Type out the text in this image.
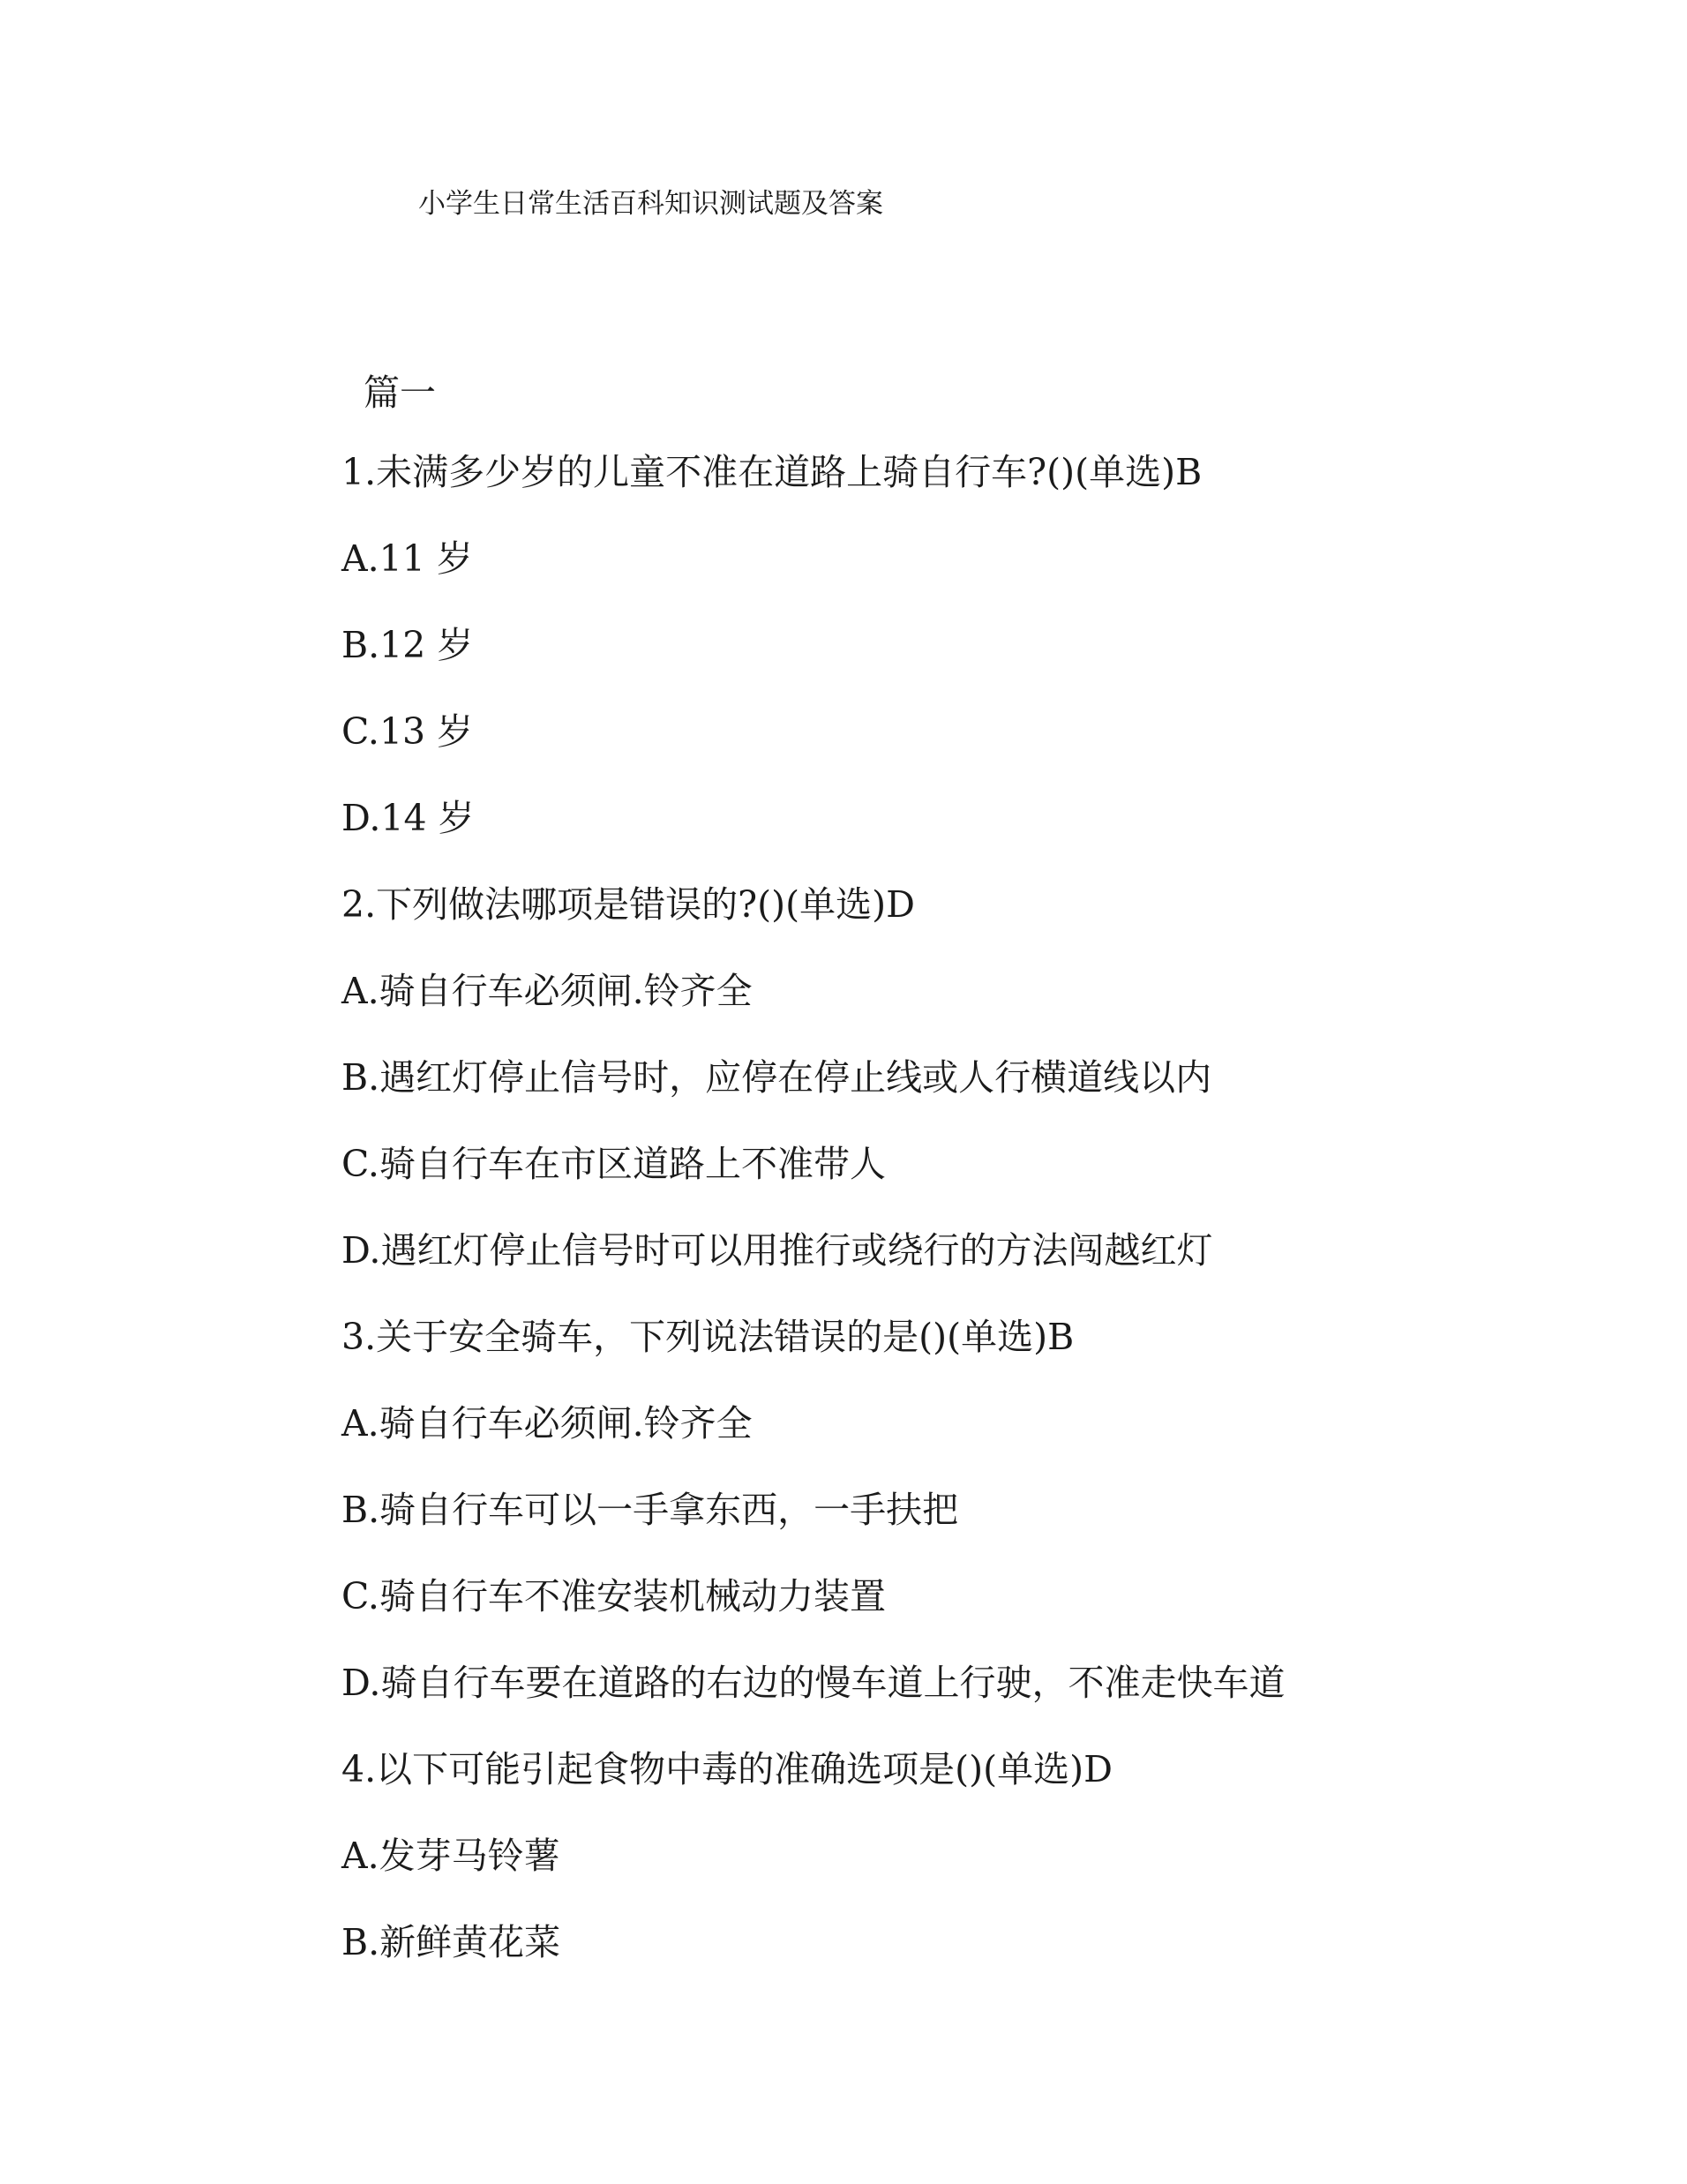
小学生日常生活百科知识测试题及答案
篇一
1.未满多少岁的儿童不准在道路上骑自行车?()(单选)B
A.11 岁
B.12 岁
C.13 岁
D.14 岁
2.下列做法哪项是错误的?()(单选)D
A.骑自行车必须闸.铃齐全
B.遇红灯停止信号时，应停在停止线或人行横道线以内
C.骑自行车在市区道路上不准带人
D.遇红灯停止信号时可以用推行或绕行的方法闯越红灯
3.关于安全骑车，下列说法错误的是()(单选)B
A.骑自行车必须闸.铃齐全
B.骑自行车可以一手拿东西，一手扶把
C.骑自行车不准安装机械动力装置
D.骑自行车要在道路的右边的慢车道上行驶，不准走快车道
4.以下可能引起食物中毒的准确选项是()(单选)D
A.发芽马铃薯
B.新鲜黄花菜
